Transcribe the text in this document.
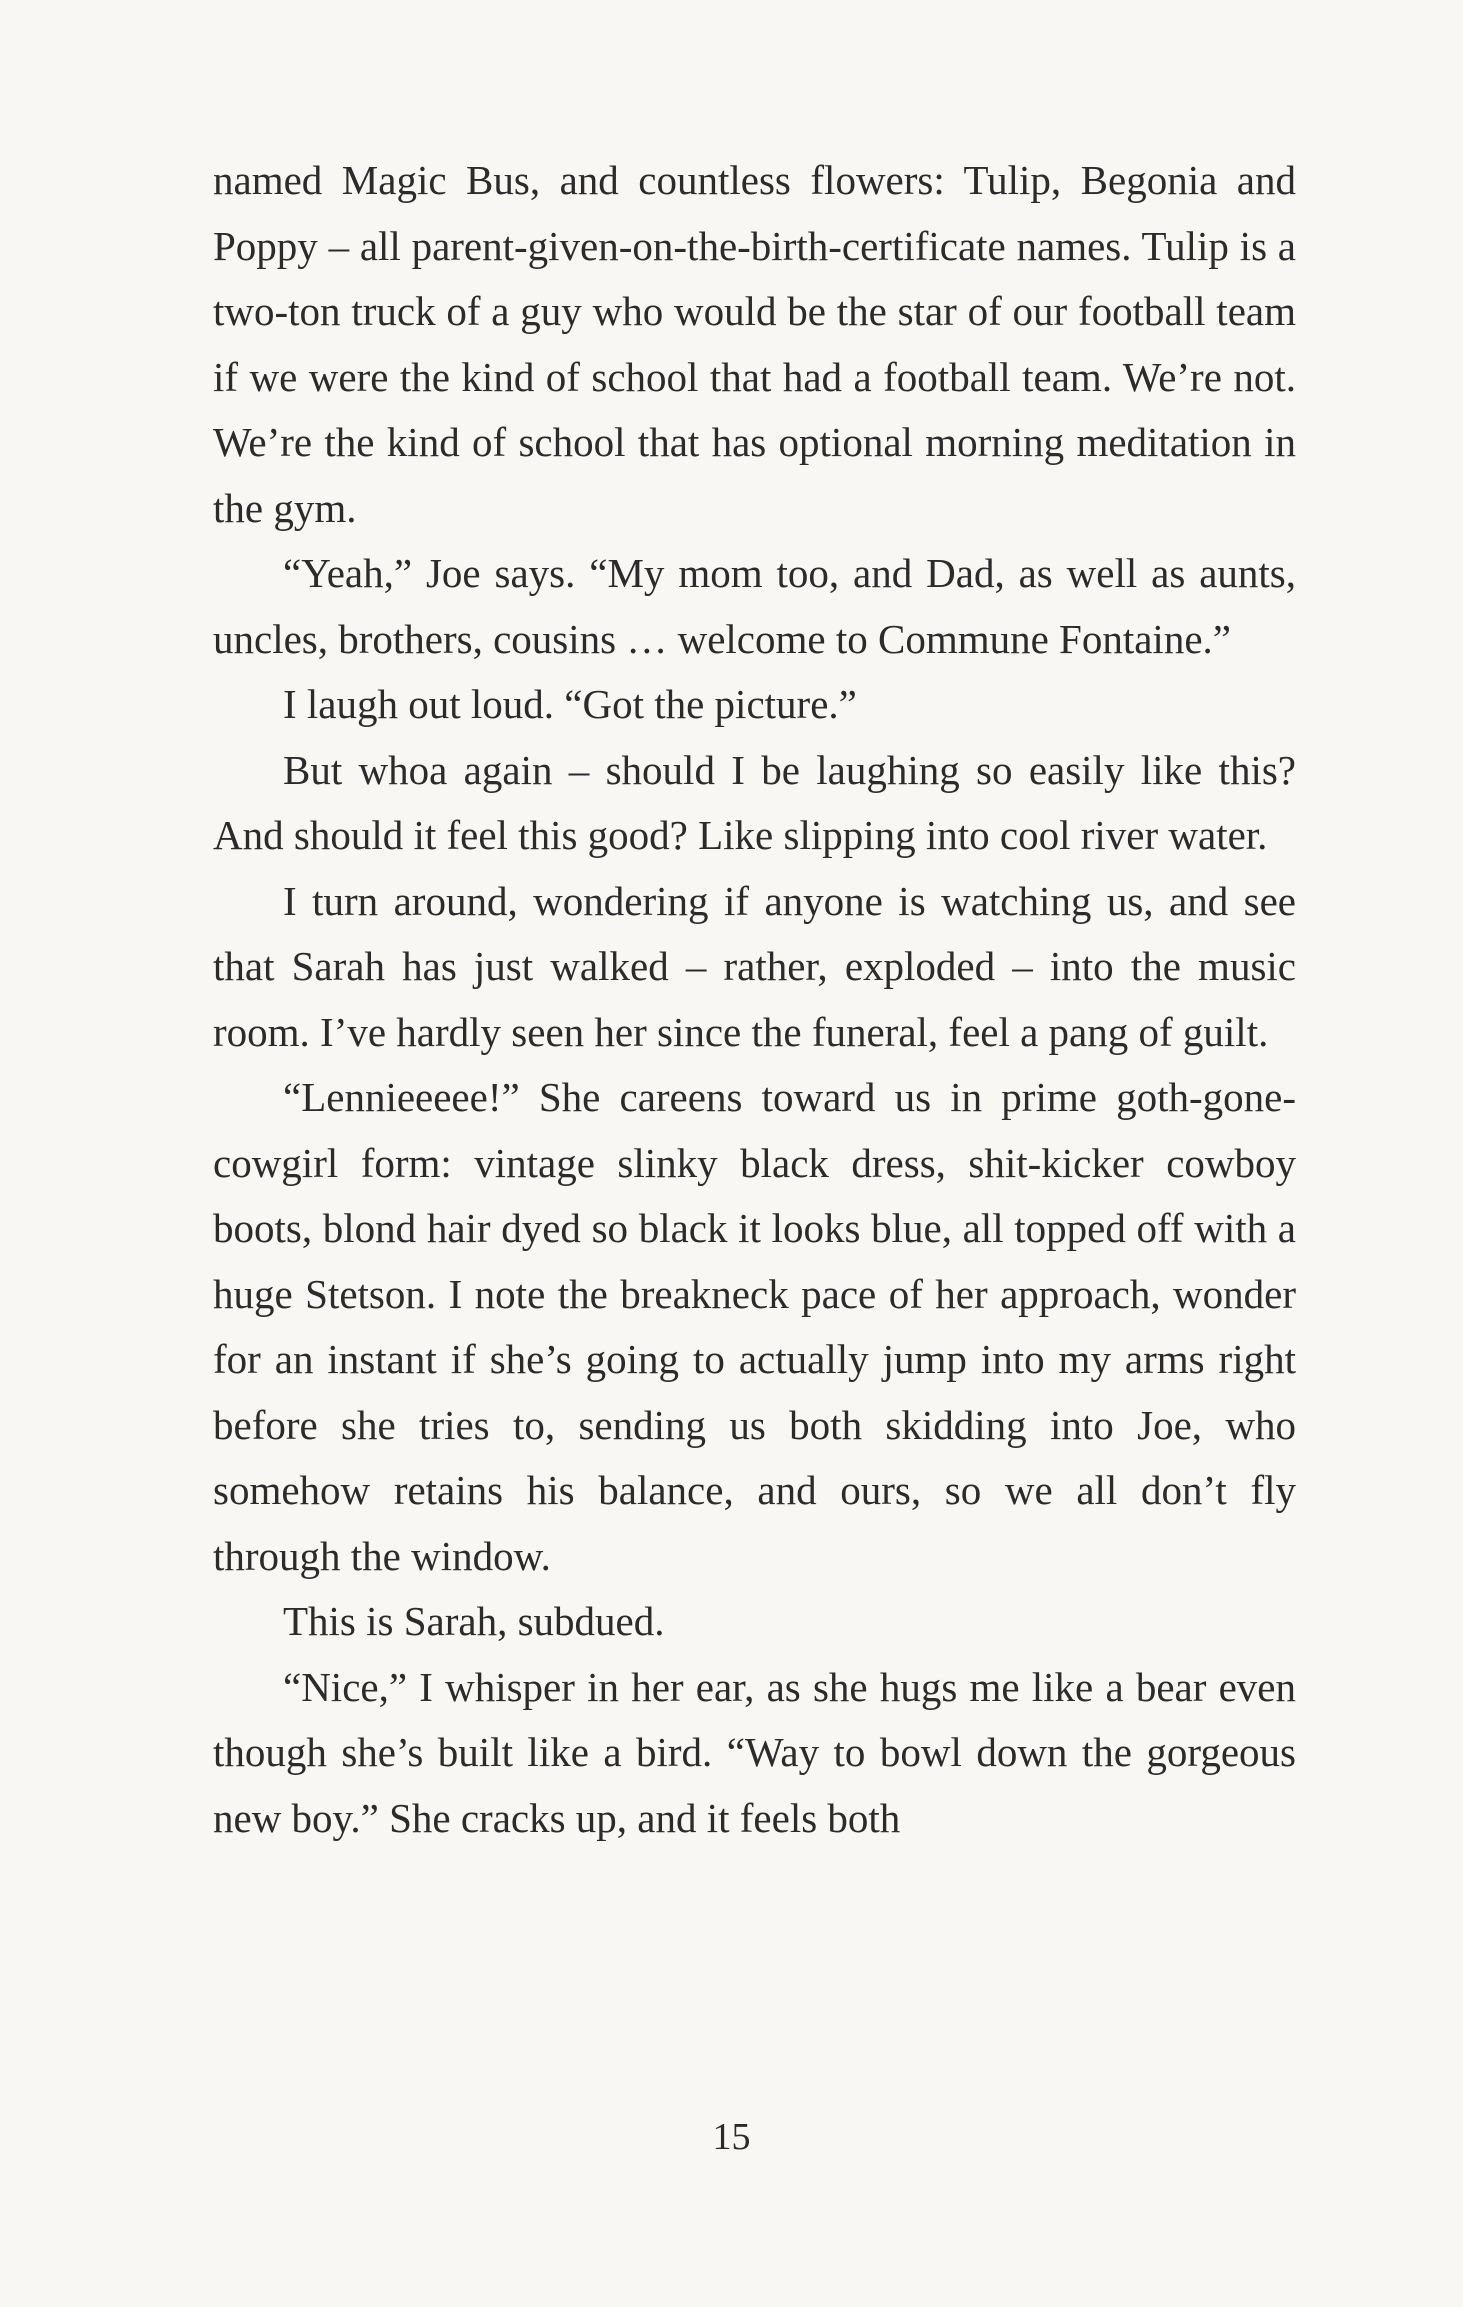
named Magic Bus, and countless flowers: Tulip, Begonia and Poppy – all parent-given-on-the-birth-certificate names. Tulip is a two-ton truck of a guy who would be the star of our football team if we were the kind of school that had a football team. We’re not. We’re the kind of school that has optional morning meditation in the gym.

“Yeah,” Joe says. “My mom too, and Dad, as well as aunts, uncles, brothers, cousins … welcome to Commune Fontaine.”

I laugh out loud. “Got the picture.”

But whoa again – should I be laughing so easily like this? And should it feel this good? Like slipping into cool river water.

I turn around, wondering if anyone is watching us, and see that Sarah has just walked – rather, exploded – into the music room. I’ve hardly seen her since the funeral, feel a pang of guilt.

“Lennieeeee!” She careens toward us in prime goth-gone-cowgirl form: vintage slinky black dress, shit-kicker cowboy boots, blond hair dyed so black it looks blue, all topped off with a huge Stetson. I note the breakneck pace of her approach, wonder for an instant if she’s going to actually jump into my arms right before she tries to, sending us both skidding into Joe, who somehow retains his balance, and ours, so we all don’t fly through the window.

This is Sarah, subdued.

“Nice,” I whisper in her ear, as she hugs me like a bear even though she’s built like a bird. “Way to bowl down the gorgeous new boy.” She cracks up, and it feels both

15
